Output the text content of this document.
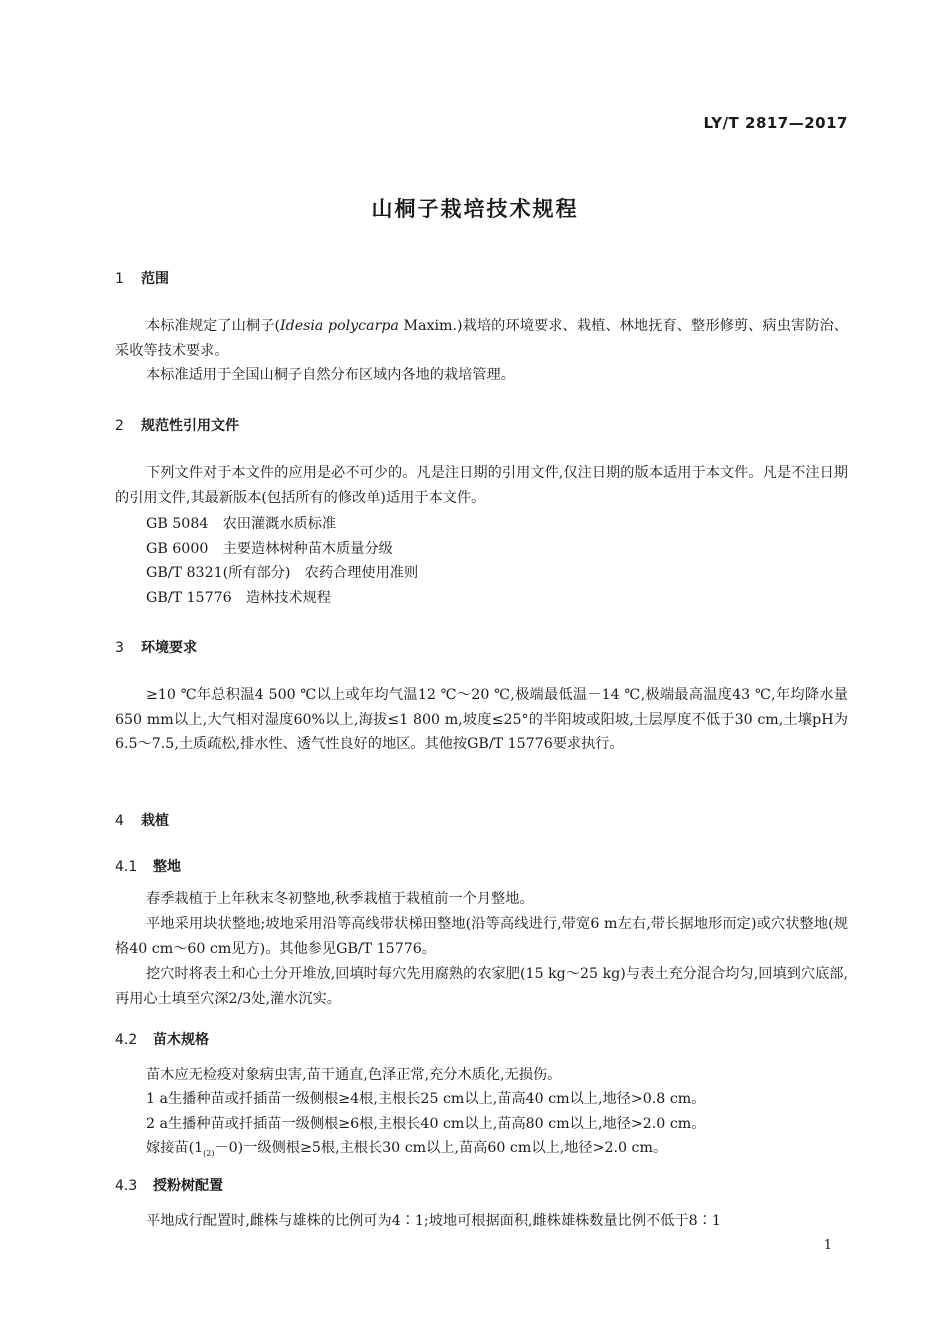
LY/T 2817—2017
山桐子栽培技术规程
1 范围
本标准规定了山桐子(Idesia polycarpa Maxim.)栽培的环境要求、栽植、林地抚育、整形修剪、病虫害防治、采收等技术要求。
本标准适用于全国山桐子自然分布区域内各地的栽培管理。
2 规范性引用文件
下列文件对于本文件的应用是必不可少的。凡是注日期的引用文件,仅注日期的版本适用于本文件。凡是不注日期的引用文件,其最新版本(包括所有的修改单)适用于本文件。
GB 5084　农田灌溉水质标准
GB 6000　主要造林树种苗木质量分级
GB/T 8321(所有部分)　农药合理使用准则
GB/T 15776　造林技术规程
3 环境要求
≥10 ℃年总积温4 500 ℃以上或年均气温12 ℃～20 ℃,极端最低温－14 ℃,极端最高温度43 ℃,年均降水量650 mm以上,大气相对湿度60%以上,海拔≤1 800 m,坡度≤25°的半阳坡或阳坡,土层厚度不低于30 cm,土壤pH为6.5～7.5,土质疏松,排水性、透气性良好的地区。其他按GB/T 15776要求执行。
4 栽植
4.1 整地
春季栽植于上年秋末冬初整地,秋季栽植于栽植前一个月整地。
平地采用块状整地;坡地采用沿等高线带状梯田整地(沿等高线进行,带宽6 m左右,带长据地形而定)或穴状整地(规格40 cm～60 cm见方)。其他参见GB/T 15776。
挖穴时将表土和心土分开堆放,回填时每穴先用腐熟的农家肥(15 kg～25 kg)与表土充分混合均匀,回填到穴底部,再用心土填至穴深2/3处,灌水沉实。
4.2 苗木规格
苗木应无检疫对象病虫害,苗干通直,色泽正常,充分木质化,无损伤。
1 a生播种苗或扦插苗一级侧根≥4根,主根长25 cm以上,苗高40 cm以上,地径>0.8 cm。
2 a生播种苗或扦插苗一级侧根≥6根,主根长40 cm以上,苗高80 cm以上,地径>2.0 cm。
嫁接苗$(1_{(2)}-0)$一级侧根≥5根,主根长30 cm以上,苗高60 cm以上,地径>2.0 cm。
4.3 授粉树配置
平地成行配置时,雌株与雄株的比例可为4∶1;坡地可根据面积,雌株雄株数量比例不低于8∶1
1
